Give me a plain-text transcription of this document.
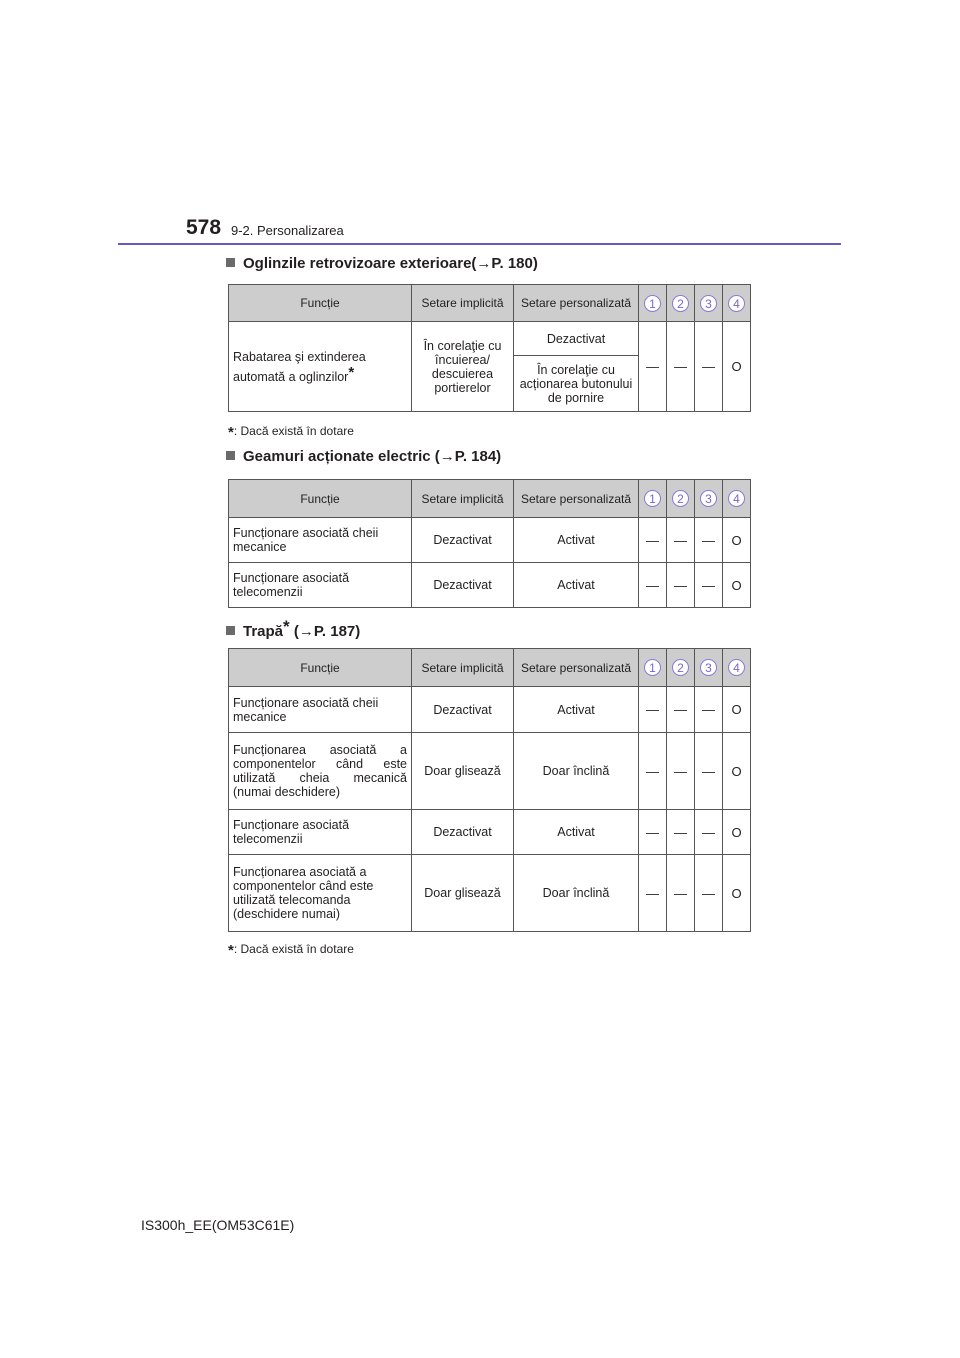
578 9-2. Personalizarea
Oglinzile retrovizoare exterioare(→P. 180)
Funcție	Setare implicită	Setare personalizată	1	2	3	4
Rabatarea şi extinderea automată a oglinzilor*	În corelaţie cu încuierea/ descuierea portierelor	Dezactivat	—	—	—	O
		În corelaţie cu acționarea butonului de pornire				
*: Dacă există în dotare
Geamuri acționate electric (→P. 184)
Funcție	Setare implicită	Setare personalizată	1	2	3	4
Funcționare asociată cheii mecanice	Dezactivat	Activat	—	—	—	O
Funcționare asociată telecomenzii	Dezactivat	Activat	—	—	—	O
Trapă* (→P. 187)
Funcție	Setare implicită	Setare personalizată	1	2	3	4
Funcționare asociată cheii mecanice	Dezactivat	Activat	—	—	—	O
Funcționarea asociată a componentelor când este utilizată cheia mecanică (numai deschidere)	Doar glisează	Doar înclină	—	—	—	O
Funcționare asociată telecomenzii	Dezactivat	Activat	—	—	—	O
Funcționarea asociată a componentelor când este utilizată telecomanda (deschidere numai)	Doar glisează	Doar înclină	—	—	—	O
*: Dacă există în dotare
IS300h_EE(OM53C61E)
